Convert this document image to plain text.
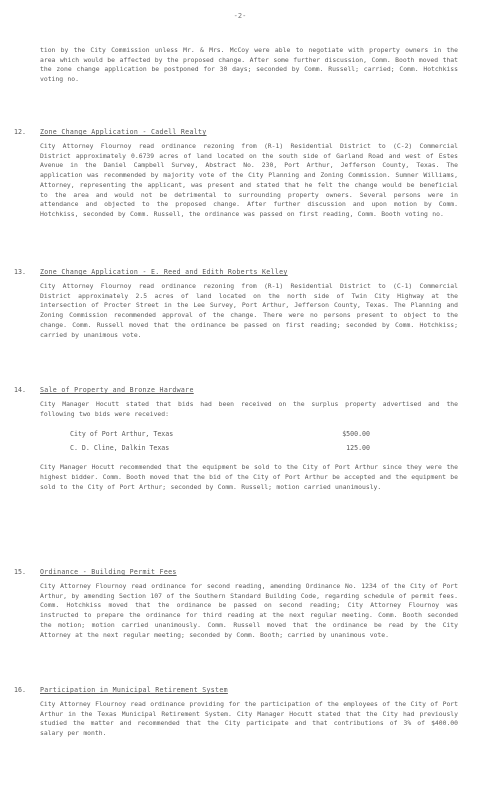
-2-

tion by the City Commission unless Mr. & Mrs. McCoy were able to negotiate with property owners in the area which would be affected by the proposed change. After some further discussion, Comm. Booth moved that the zone change application be postponed for 30 days; seconded by Comm. Russell; carried; Comm. Hotchkiss voting no.

12. Zone Change Application - Cadell Realty

City Attorney Flournoy read ordinance rezoning from (R-1) Residential District to (C-2) Commercial District approximately 0.6739 acres of land located on the south side of Garland Road and west of Estes Avenue in the Daniel Campbell Survey, Abstract No. 230, Port Arthur, Jefferson County, Texas. The application was recommended by majority vote of the City Planning and Zoning Commission. Sumner Williams, Attorney, representing the applicant, was present and stated that he felt the change would be beneficial to the area and would not be detrimental to surrounding property owners. Several persons were in attendance and objected to the proposed change. After further discussion and upon motion by Comm. Hotchkiss, seconded by Comm. Russell, the ordinance was passed on first reading, Comm. Booth voting no.

13. Zone Change Application - E. Reed and Edith Roberts Kelley

City Attorney Flournoy read ordinance rezoning from (R-1) Residential District to (C-1) Commercial District approximately 2.5 acres of land located on the north side of Twin City Highway at the intersection of Procter Street in the Lee Survey, Port Arthur, Jefferson County, Texas. The Planning and Zoning Commission recommended approval of the change. There were no persons present to object to the change. Comm. Russell moved that the ordinance be passed on first reading; seconded by Comm. Hotchkiss; carried by unanimous vote.

14. Sale of Property and Bronze Hardware

City Manager Hocutt stated that bids had been received on the surplus property advertised and the following two bids were received:

City of Port Arthur, Texas	$500.00
C. D. Cline, Dalkin Texas	125.00

City Manager Hocutt recommended that the equipment be sold to the City of Port Arthur since they were the highest bidder. Comm. Booth moved that the bid of the City of Port Arthur be accepted and the equipment be sold to the City of Port Arthur; seconded by Comm. Russell; motion carried unanimously.

15. Ordinance - Building Permit Fees

City Attorney Flournoy read ordinance for second reading, amending Ordinance No. 1234 of the City of Port Arthur, by amending Section 107 of the Southern Standard Building Code, regarding schedule of permit fees. Comm. Hotchkiss moved that the ordinance be passed on second reading; City Attorney Flournoy was instructed to prepare the ordinance for third reading at the next regular meeting. Comm. Booth seconded the motion; motion carried unanimously. Comm. Russell moved that the ordinance be read by the City Attorney at the next regular meeting; seconded by Comm. Booth; carried by unanimous vote.

16. Participation in Municipal Retirement System

City Attorney Flournoy read ordinance providing for the participation of the employees of the City of Port Arthur in the Texas Municipal Retirement System. City Manager Hocutt stated that the City had previously studied the matter and recommended that the City participate and that contributions of 3% of $400.00 salary per month.
